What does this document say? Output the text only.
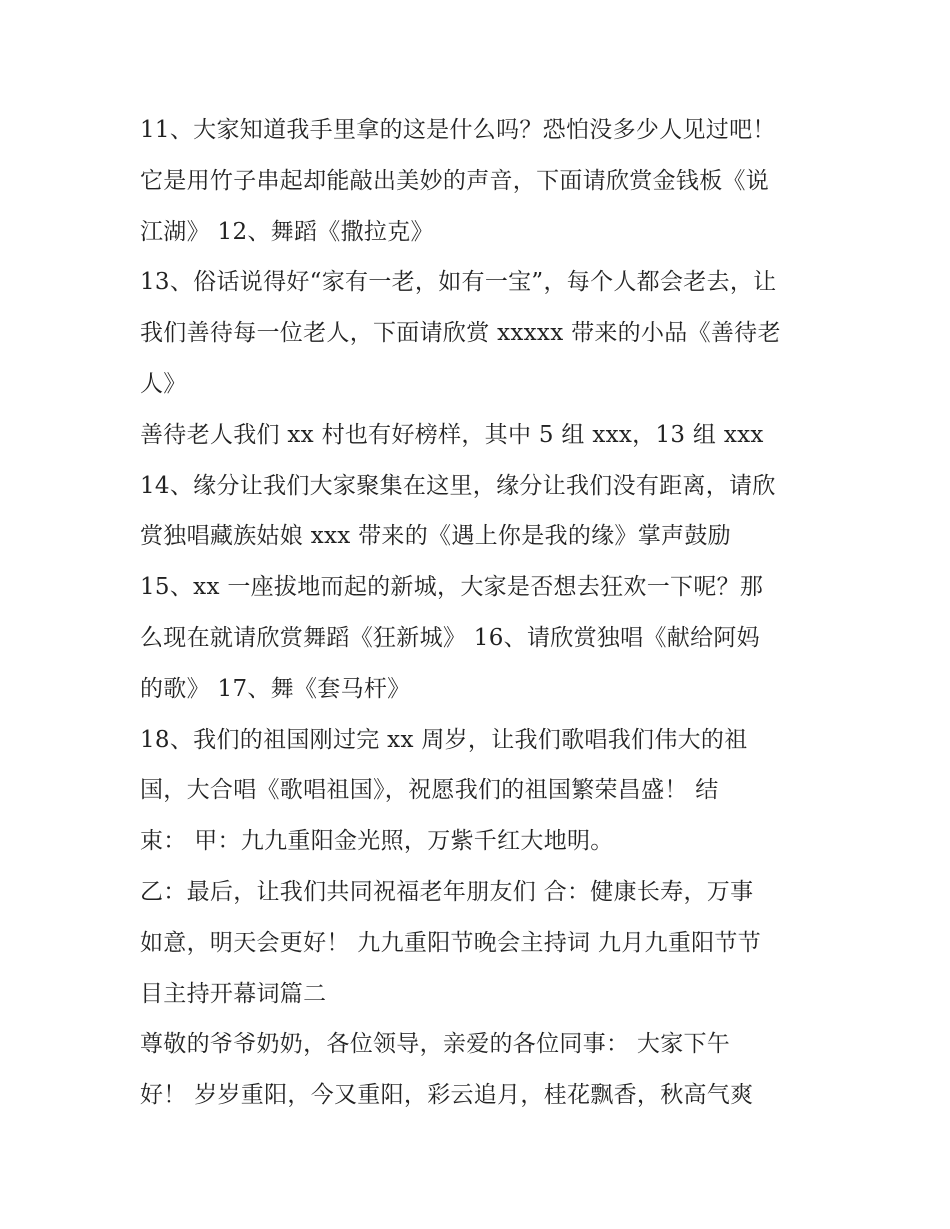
11、大家知道我手里拿的这是什么吗？恐怕没多少人见过吧！
它是用竹子串起却能敲出美妙的声音，下面请欣赏金钱板《说
江湖》 12、舞蹈《撒拉克》
13、俗话说得好“家有一老，如有一宝”，每个人都会老去，让
我们善待每一位老人，下面请欣赏 xxxxx 带来的小品《善待老
人》
善待老人我们 xx 村也有好榜样，其中 5 组 xxx，13 组 xxx
14、缘分让我们大家聚集在这里，缘分让我们没有距离，请欣
赏独唱藏族姑娘 xxx 带来的《遇上你是我的缘》掌声鼓励
15、xx 一座拔地而起的新城，大家是否想去狂欢一下呢？那
么现在就请欣赏舞蹈《狂新城》 16、请欣赏独唱《献给阿妈
的歌》 17、舞《套马杆》
18、我们的祖国刚过完 xx 周岁，让我们歌唱我们伟大的祖
国，大合唱《歌唱祖国》，祝愿我们的祖国繁荣昌盛！ 结
束： 甲：九九重阳金光照，万紫千红大地明。
乙：最后，让我们共同祝福老年朋友们 合：健康长寿，万事
如意，明天会更好！ 九九重阳节晚会主持词 九月九重阳节节
目主持开幕词篇二
尊敬的爷爷奶奶，各位领导，亲爱的各位同事： 大家下午
好！ 岁岁重阳，今又重阳，彩云追月，桂花飘香，秋高气爽
